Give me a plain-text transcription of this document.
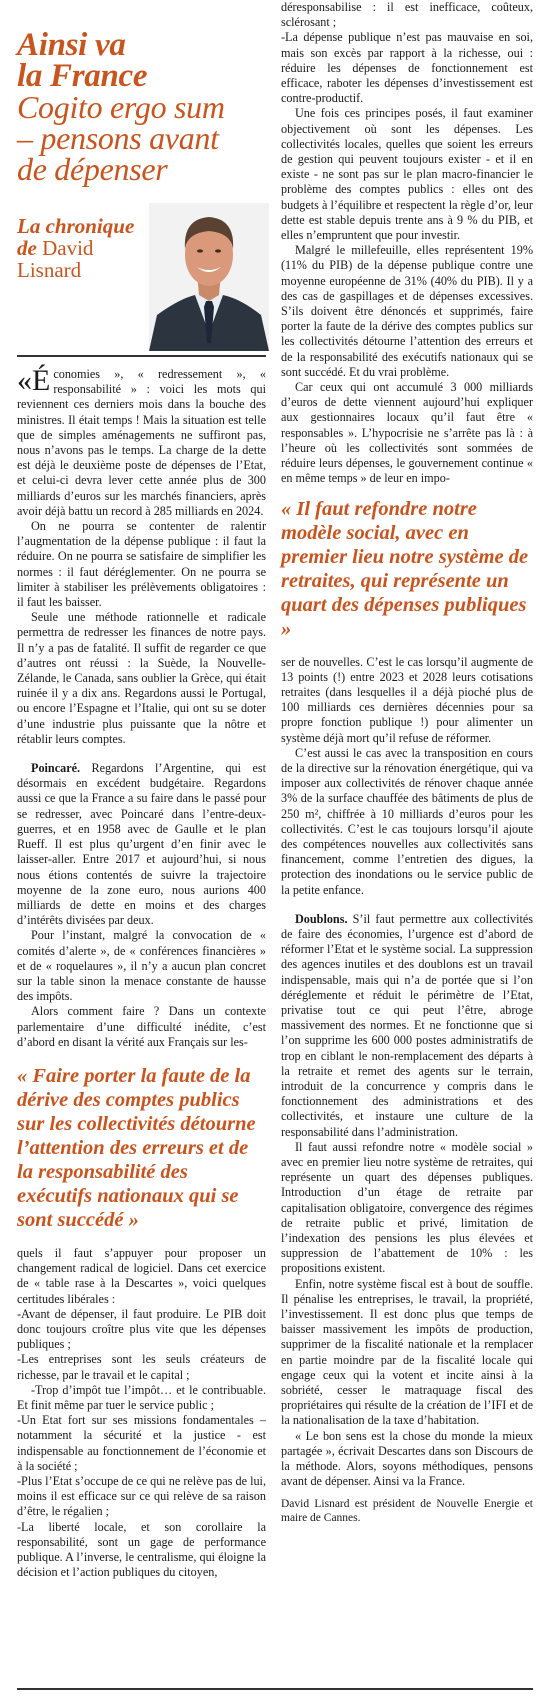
Ainsi va
la France
Cogito ergo sum
– pensons avant
de dépenser
La chronique
de David
Lisnard

«Économies », « redressement », « responsabilité » : voici les mots qui reviennent ces derniers mois dans la bouche des ministres. Il était temps ! Mais la situation est telle que de simples aménagements ne suffiront pas, nous n’avons pas le temps. La charge de la dette est déjà le deuxième poste de dépenses de l’Etat, et celui-ci devra lever cette année plus de 300 milliards d’euros sur les marchés financiers, après avoir déjà battu un record à 285 milliards en 2024.

On ne pourra se contenter de ralentir l’augmentation de la dépense publique : il faut la réduire. On ne pourra se satisfaire de simplifier les normes : il faut déréglementer. On ne pourra se limiter à stabiliser les prélèvements obligatoires : il faut les baisser.

Seule une méthode rationnelle et radicale permettra de redresser les finances de notre pays. Il n’y a pas de fatalité. Il suffit de regarder ce que d’autres ont réussi : la Suède, la Nouvelle-Zélande, le Canada, sans oublier la Grèce, qui était ruinée il y a dix ans. Regardons aussi le Portugal, ou encore l’Espagne et l’Italie, qui ont su se doter d’une industrie plus puissante que la nôtre et rétablir leurs comptes.

Poincaré. Regardons l’Argentine, qui est désormais en excédent budgétaire. Regardons aussi ce que la France a su faire dans le passé pour se redresser, avec Poincaré dans l’entre-deux-guerres, et en 1958 avec de Gaulle et le plan Rueff. Il est plus qu’urgent d’en finir avec le laisser-aller. Entre 2017 et aujourd’hui, si nous nous étions contentés de suivre la trajectoire moyenne de la zone euro, nous aurions 400 milliards de dette en moins et des charges d’intérêts divisées par deux.

Pour l’instant, malgré la convocation de « comités d’alerte », de « conférences financières » et de « roquelaures », il n’y a aucun plan concret sur la table sinon la menace constante de hausse des impôts.

Alors comment faire ? Dans un contexte parlementaire d’une difficulté inédite, c’est d’abord en disant la vérité aux Français sur les-

« Faire porter la faute de la dérive des comptes publics sur les collectivités détourne l’attention des erreurs et de la responsabilité des exécutifs nationaux qui se sont succédé »

quels il faut s’appuyer pour proposer un changement radical de logiciel. Dans cet exercice de « table rase à la Descartes », voici quelques certitudes libérales :

-Avant de dépenser, il faut produire. Le PIB doit donc toujours croître plus vite que les dépenses publiques ;

-Les entreprises sont les seuls créateurs de richesse, par le travail et le capital ;

-Trop d’impôt tue l’impôt… et le contribuable. Et finit même par tuer le service public ;

-Un Etat fort sur ses missions fondamentales – notamment la sécurité et la justice - est indispensable au fonctionnement de l’économie et à la société ;

-Plus l’Etat s’occupe de ce qui ne relève pas de lui, moins il est efficace sur ce qui relève de sa raison d’être, le régalien ;

-La liberté locale, et son corollaire la responsabilité, sont un gage de performance publique. A l’inverse, le centralisme, qui éloigne la décision et l’action publiques du citoyen,

déresponsabilise : il est inefficace, coûteux, sclérosant ;

-La dépense publique n’est pas mauvaise en soi, mais son excès par rapport à la richesse, oui : réduire les dépenses de fonctionnement est efficace, raboter les dépenses d’investissement est contre-productif.

Une fois ces principes posés, il faut examiner objectivement où sont les dépenses. Les collectivités locales, quelles que soient les erreurs de gestion qui peuvent toujours exister - et il en existe - ne sont pas sur le plan macro-financier le problème des comptes publics : elles ont des budgets à l’équilibre et respectent la règle d’or, leur dette est stable depuis trente ans à 9 % du PIB, et elles n’empruntent que pour investir.

Malgré le millefeuille, elles représentent 19% (11% du PIB) de la dépense publique contre une moyenne européenne de 31% (40% du PIB). Il y a des cas de gaspillages et de dépenses excessives. S’ils doivent être dénoncés et supprimés, faire porter la faute de la dérive des comptes publics sur les collectivités détourne l’attention des erreurs et de la responsabilité des exécutifs nationaux qui se sont succédé. Et du vrai problème.

Car ceux qui ont accumulé 3 000 milliards d’euros de dette viennent aujourd’hui expliquer aux gestionnaires locaux qu’il faut être « responsables ». L’hypocrisie ne s’arrête pas là : à l’heure où les collectivités sont sommées de réduire leurs dépenses, le gouvernement continue « en même temps » de leur en impo-

« Il faut refondre notre modèle social, avec en premier lieu notre système de retraites, qui représente un quart des dépenses publiques »

ser de nouvelles. C’est le cas lorsqu’il augmente de 13 points (!) entre 2023 et 2028 leurs cotisations retraites (dans lesquelles il a déjà pioché plus de 100 milliards ces dernières décennies pour sa propre fonction publique !) pour alimenter un système déjà mort qu’il refuse de réformer.

C’est aussi le cas avec la transposition en cours de la directive sur la rénovation énergétique, qui va imposer aux collectivités de rénover chaque année 3% de la surface chauffée des bâtiments de plus de 250 m², chiffrée à 10 milliards d’euros pour les collectivités. C’est le cas toujours lorsqu’il ajoute des compétences nouvelles aux collectivités sans financement, comme l’entretien des digues, la protection des inondations ou le service public de la petite enfance.

Doublons. S’il faut permettre aux collectivités de faire des économies, l’urgence est d’abord de réformer l’Etat et le système social. La suppression des agences inutiles et des doublons est un travail indispensable, mais qui n’a de portée que si l’on déréglemente et réduit le périmètre de l’Etat, privatise tout ce qui peut l’être, abroge massivement des normes. Et ne fonctionne que si l’on supprime les 600 000 postes administratifs de trop en ciblant le non-remplacement des départs à la retraite et remet des agents sur le terrain, introduit de la concurrence y compris dans le fonctionnement des administrations et des collectivités, et instaure une culture de la responsabilité dans l’administration.

Il faut aussi refondre notre « modèle social » avec en premier lieu notre système de retraites, qui représente un quart des dépenses publiques. Introduction d’un étage de retraite par capitalisation obligatoire, convergence des régimes de retraite public et privé, limitation de l’indexation des pensions les plus élevées et suppression de l’abattement de 10% : les propositions existent.

Enfin, notre système fiscal est à bout de souffle. Il pénalise les entreprises, le travail, la propriété, l’investissement. Il est donc plus que temps de baisser massivement les impôts de production, supprimer de la fiscalité nationale et la remplacer en partie moindre par de la fiscalité locale qui engage ceux qui la votent et incite ainsi à la sobriété, cesser le matraquage fiscal des propriétaires qui résulte de la création de l’IFI et de la nationalisation de la taxe d’habitation.

« Le bon sens est la chose du monde la mieux partagée », écrivait Descartes dans son Discours de la méthode. Alors, soyons méthodiques, pensons avant de dépenser. Ainsi va la France.

David Lisnard est président de Nouvelle Energie et maire de Cannes.
